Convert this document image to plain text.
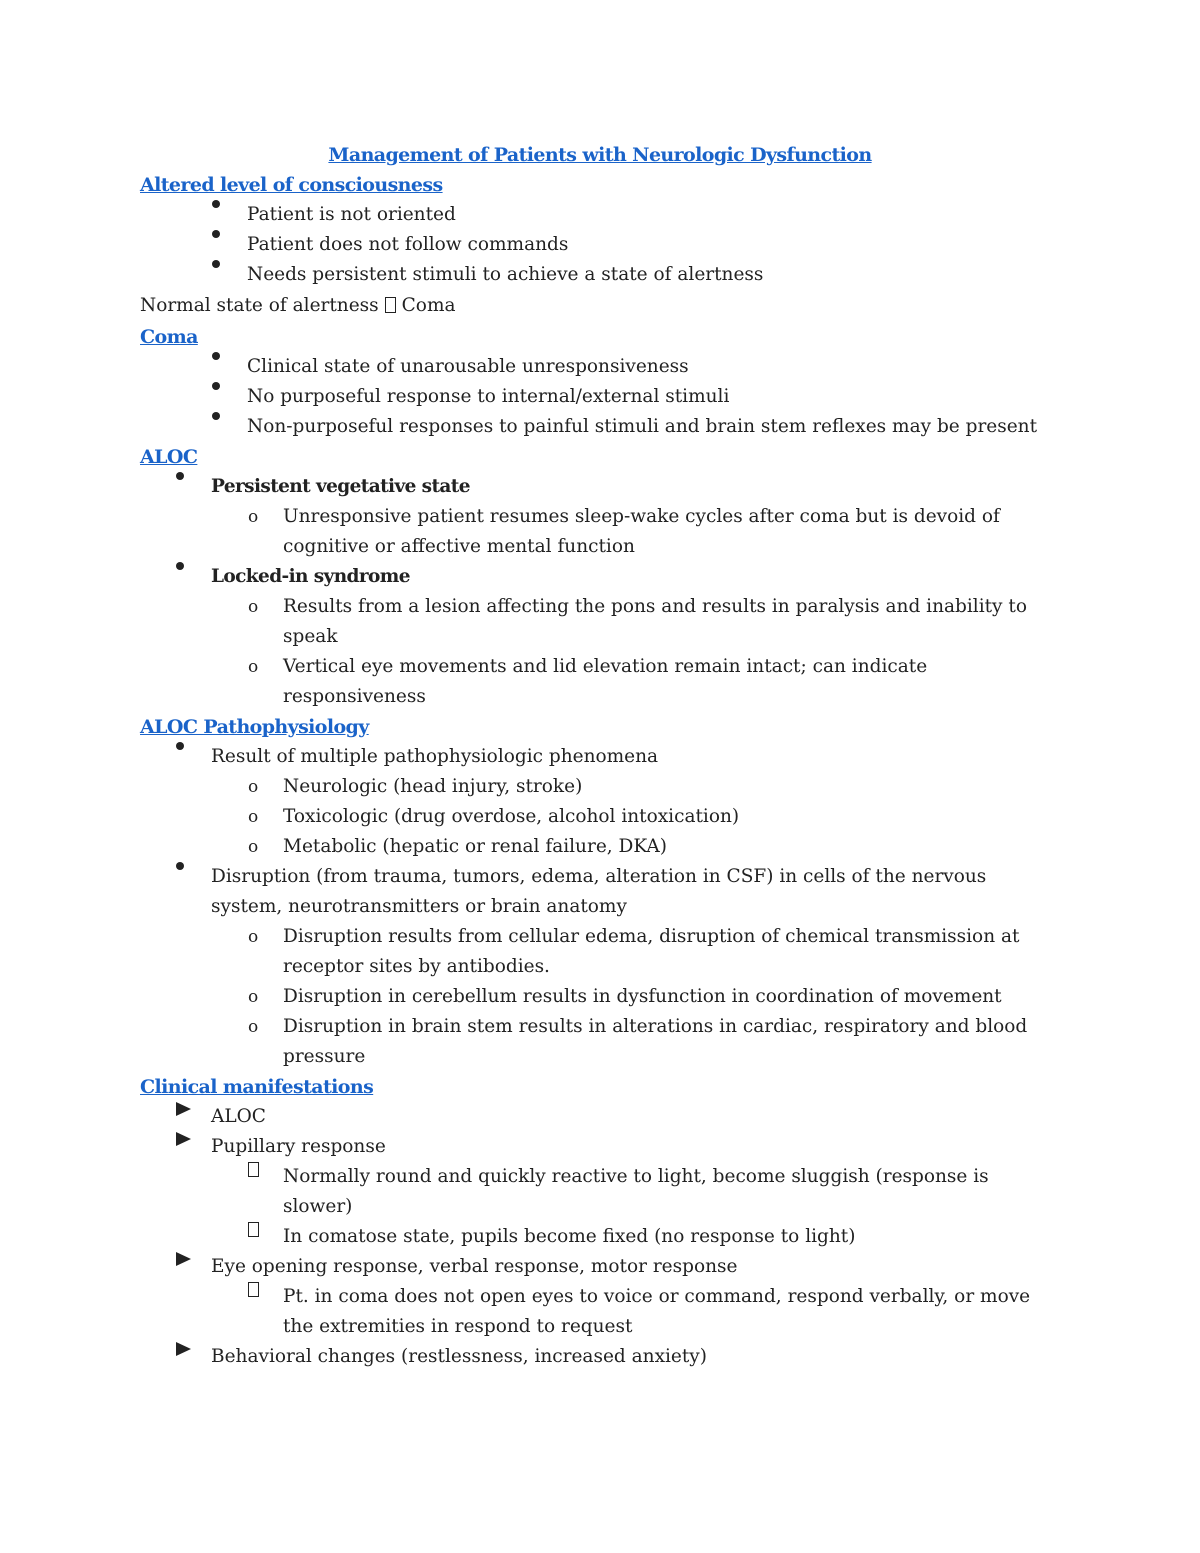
Management of Patients with Neurologic Dysfunction
Altered level of consciousness
Patient is not oriented
Patient does not follow commands
Needs persistent stimuli to achieve a state of alertness

Normal state of alertness Coma

Coma
Clinical state of unarousable unresponsiveness
No purposeful response to internal/external stimuli
Non-purposeful responses to painful stimuli and brain stem reflexes may be present
ALOC
Persistent vegetative state
o Unresponsive patient resumes sleep-wake cycles after coma but is devoid of cognitive or affective mental function
Locked-in syndrome
o Results from a lesion affecting the pons and results in paralysis and inability to speak
o Vertical eye movements and lid elevation remain intact; can indicate responsiveness
ALOC Pathophysiology
Result of multiple pathophysiologic phenomena
o Neurologic (head injury, stroke)
o Toxicologic (drug overdose, alcohol intoxication)
o Metabolic (hepatic or renal failure, DKA)
Disruption (from trauma, tumors, edema, alteration in CSF) in cells of the nervous system, neurotransmitters or brain anatomy
o Disruption results from cellular edema, disruption of chemical transmission at receptor sites by antibodies.
o Disruption in cerebellum results in dysfunction in coordination of movement
o Disruption in brain stem results in alterations in cardiac, respiratory and blood pressure
Clinical manifestations
ALOC
Pupillary response
Normally round and quickly reactive to light, become sluggish (response is slower)
In comatose state, pupils become fixed (no response to light)
Eye opening response, verbal response, motor response
Pt. in coma does not open eyes to voice or command, respond verbally, or move the extremities in respond to request
Behavioral changes (restlessness, increased anxiety)
